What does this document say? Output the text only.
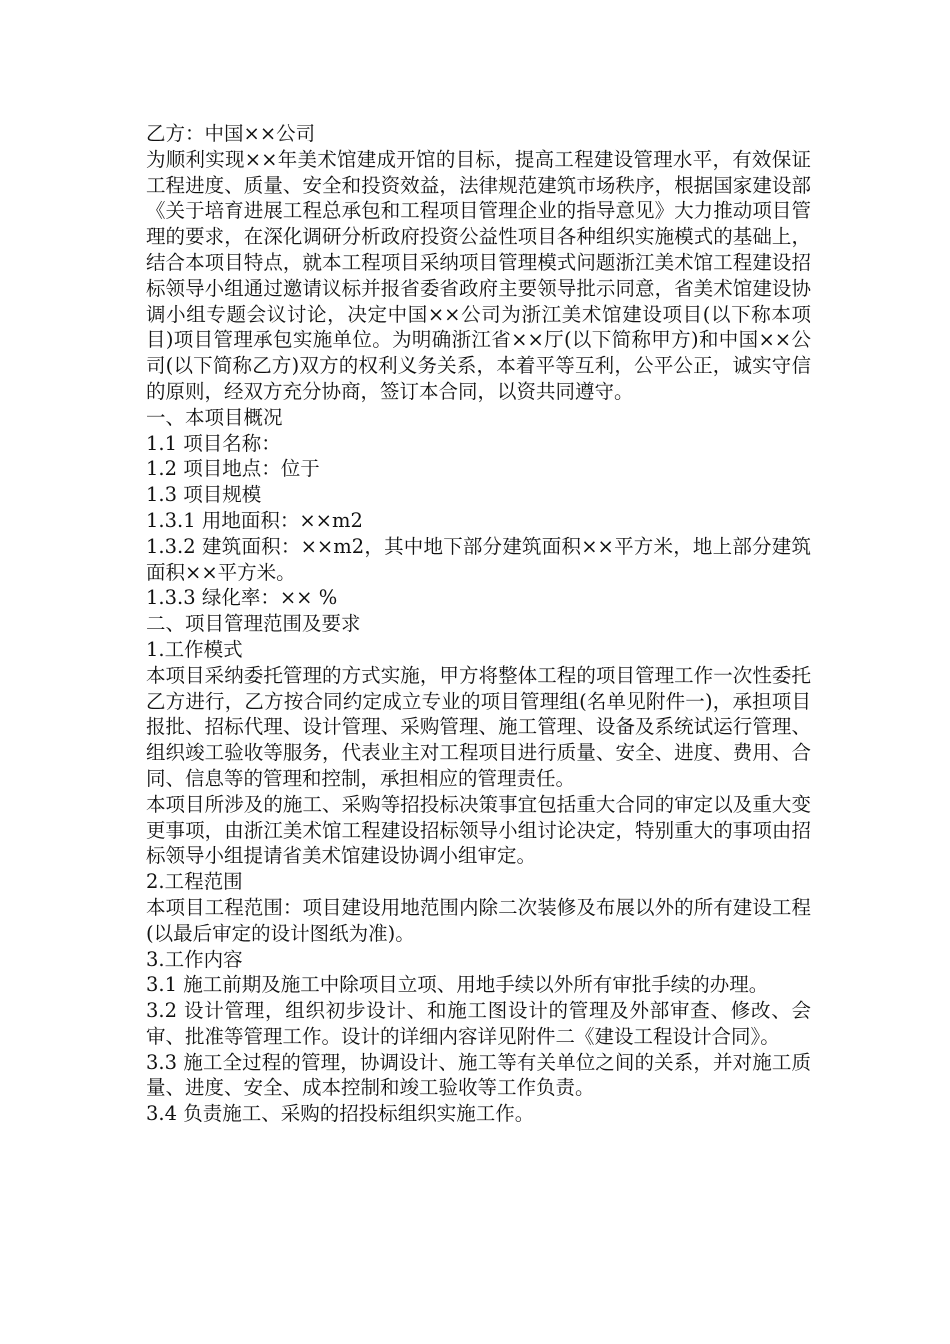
乙方：中国××公司

为顺利实现××年美术馆建成开馆的目标，提高工程建设管理水平，有效保证工程进度、质量、安全和投资效益，法律规范建筑市场秩序，根据国家建设部《关于培育进展工程总承包和工程项目管理企业的指导意见》大力推动项目管理的要求，在深化调研分析政府投资公益性项目各种组织实施模式的基础上，结合本项目特点，就本工程项目采纳项目管理模式问题浙江美术馆工程建设招标领导小组通过邀请议标并报省委省政府主要领导批示同意，省美术馆建设协调小组专题会议讨论，决定中国××公司为浙江美术馆建设项目(以下称本项目)项目管理承包实施单位。为明确浙江省××厅(以下简称甲方)和中国××公司(以下简称乙方)双方的权利义务关系，本着平等互利，公平公正，诚实守信的原则，经双方充分协商，签订本合同，以资共同遵守。

一、本项目概况

1.1 项目名称：

1.2 项目地点：位于

1.3 项目规模

1.3.1 用地面积：××m2

1.3.2 建筑面积：××m2，其中地下部分建筑面积××平方米，地上部分建筑面积××平方米。

1.3.3 绿化率：×× %

二、项目管理范围及要求

1.工作模式

本项目采纳委托管理的方式实施，甲方将整体工程的项目管理工作一次性委托乙方进行，乙方按合同约定成立专业的项目管理组(名单见附件一)，承担项目报批、招标代理、设计管理、采购管理、施工管理、设备及系统试运行管理、组织竣工验收等服务，代表业主对工程项目进行质量、安全、进度、费用、合同、信息等的管理和控制，承担相应的管理责任。

本项目所涉及的施工、采购等招投标决策事宜包括重大合同的审定以及重大变更事项，由浙江美术馆工程建设招标领导小组讨论决定，特别重大的事项由招标领导小组提请省美术馆建设协调小组审定。

2.工程范围

本项目工程范围：项目建设用地范围内除二次装修及布展以外的所有建设工程(以最后审定的设计图纸为准)。

3.工作内容

3.1 施工前期及施工中除项目立项、用地手续以外所有审批手续的办理。

3.2 设计管理，组织初步设计、和施工图设计的管理及外部审查、修改、会审、批准等管理工作。设计的详细内容详见附件二《建设工程设计合同》。

3.3 施工全过程的管理，协调设计、施工等有关单位之间的关系，并对施工质量、进度、安全、成本控制和竣工验收等工作负责。

3.4 负责施工、采购的招投标组织实施工作。
